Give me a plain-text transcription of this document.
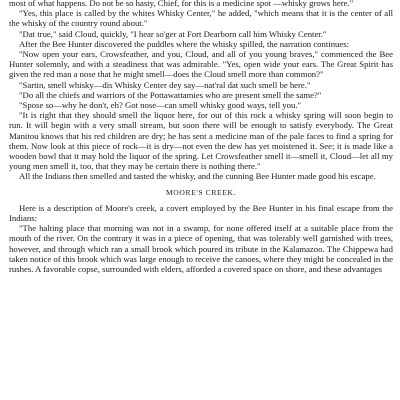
most of what happens. Do not be so hasty, Chief, for this is a medicine spot —whisky grows here."

"Yes, this place is called by the whites Whisky Center," he added, "which means that it is the center of all the whisky of the country round about."

"Dat true," said Cloud, quickly, "I hear so'ger at Fort Dearborn call him Whisky Center."

After the Bee Hunter discovered the puddles where the whisky spilled, the narration continues:

"Now open your ears, Crowsfeather, and you, Cloud, and all of you young braves," commenced the Bee Hunter solemnly, and with a steadiness that was admirable. "Yes, open wide your ears. The Great Spirit has given the red man a nose that he might smell—does the Cloud smell more than common?"

"Sartin, smell whisky—dis Whisky Center dey say—nat'ral dat such smell be here."

"Do all the chiefs and warriors of the Pottawattamies who are present smell the same?"

"Spose so—why he don't, eh? Got nose—can smell whisky good ways, tell you."

"It is right that they should smell the liquor here, for out of this rock a whisky spring will soon begin to run. It will begin with a very small stream, but soon there will be enough to satisfy everybody. The Great Manitou knows that his red children are dry; he has sent a medicine man of the pale faces to find a spring for them. Now look at this piece of rock—it is dry—not even the dew has yet moistened it. See; it is made like a wooden bowl that it may hold the liquor of the spring. Let Crowsfeather smell it—smell it, Cloud—let all my young men smell it, too, that they may be certain there is nothing there."

All the Indians then smelled and tasted the whisky, and the cunning Bee Hunter made good his escape.

MOORE'S CREEK.

Here is a description of Moore's creek, a covert employed by the Bee Hunter in his final escape from the Indians:

"The halting place that morning was not in a swamp, for none offered itself at a suitable place from the mouth of the river. On the contrary it was in a piece of opening, that was tolerably well garnished with trees, however, and through which ran a small brook which poured its tribute in the Kalamazoo. The Chippewa had taken notice of this brook which was large enough to receive the canoes, where they might be concealed in the rushes. A favorable copse, surrounded with elders, afforded a covered space on shore, and these advantages
